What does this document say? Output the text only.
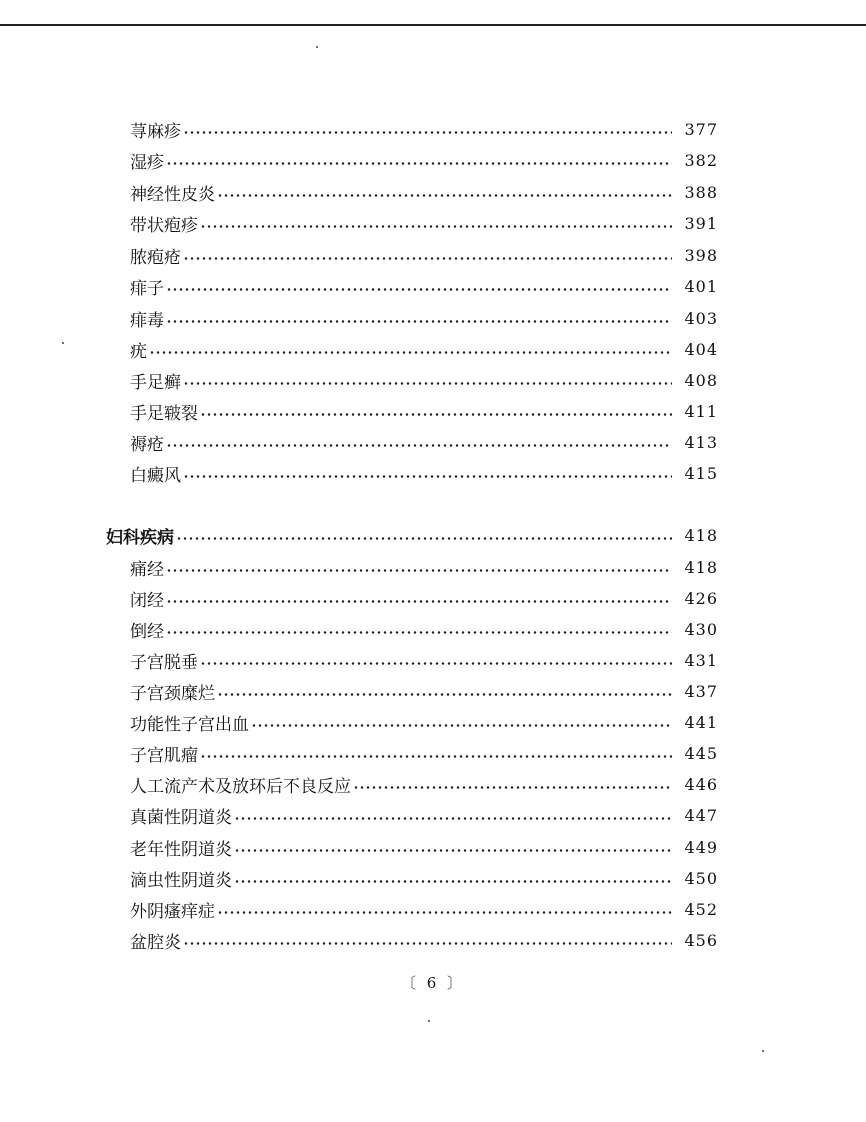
荨麻疹	377
湿疹	382
神经性皮炎	388
带状疱疹	391
脓疱疮	398
痱子	401
痱毒	403
疣	404
手足癣	408
手足皲裂	411
褥疮	413
白癜风	415
妇科疾病	418
痛经	418
闭经	426
倒经	430
子宫脱垂	431
子宫颈糜烂	437
功能性子宫出血	441
子宫肌瘤	445
人工流产术及放环后不良反应	446
真菌性阴道炎	447
老年性阴道炎	449
滴虫性阴道炎	450
外阴瘙痒症	452
盆腔炎	456
〔 6 〕
